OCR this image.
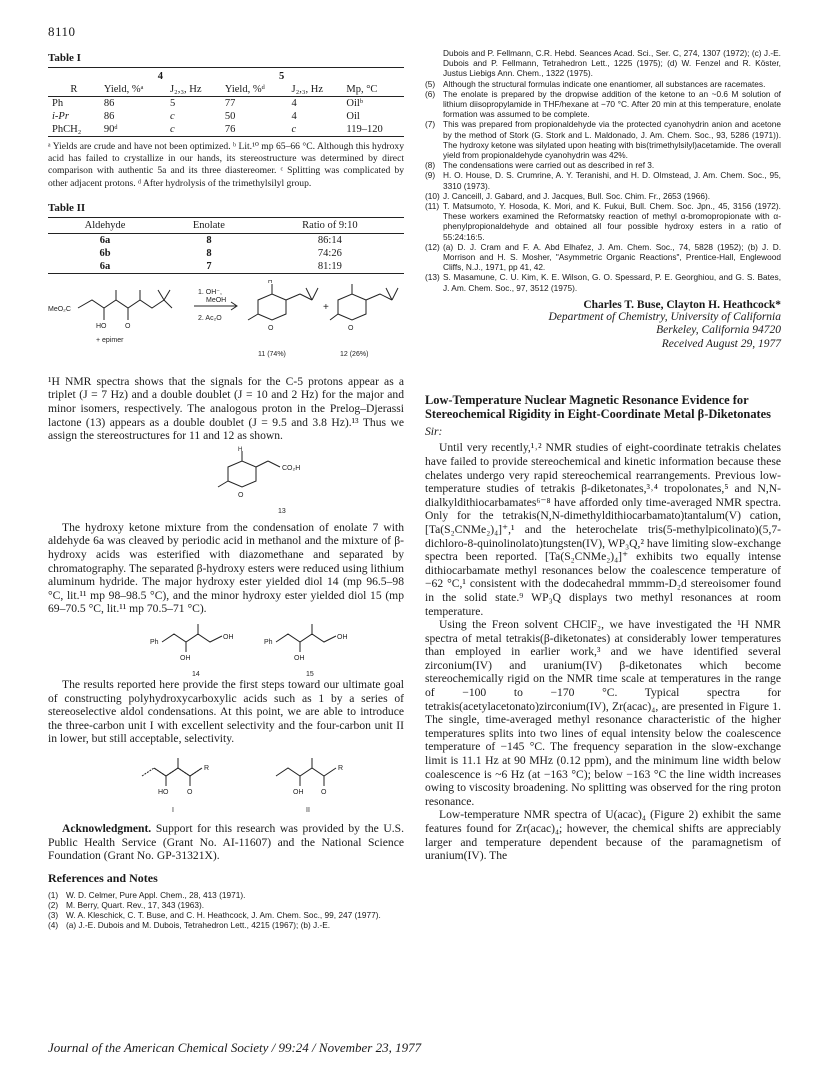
8110
Table I
	4		5		
R	Yield, %ᵃ	J₂,₃, Hz	Yield, %ᵈ	J₂,₃, Hz	Mp, °C
Ph	86	5	77	4	Oilᵇ
i-Pr	86	c	50	4	Oil
PhCH₂	90ᵈ	c	76	c	119–120
ᵃ Yields are crude and have not been optimized. ᵇ Lit.¹⁰ mp 65–66 °C. Although this hydroxy acid has failed to crystallize in our hands, its stereostructure was determined by direct comparison with authentic 5a and its three diastereomer. ᶜ Splitting was complicated by other adjacent protons. ᵈ After hydrolysis of the trimethylsilyl group.
Table II
Aldehyde	Enolate	Ratio of 9:10
6a	8	86:14
6b	8	74:26
6a	7	81:19
MeO₂C
HO	O
+ epimer
1. OH⁻,
MeOH
2. Ac₂O
H
O
+
O
11 (74%)	12 (26%)

¹H NMR spectra shows that the signals for the C-5 protons appear as a triplet (J = 7 Hz) and a double doublet (J = 10 and 2 Hz) for the major and minor isomers, respectively. The analogous proton in the Prelog–Djerassi lactone (13) appears as a double doublet (J = 9.5 and 3.8 Hz).¹³ Thus we assign the stereostructures for 11 and 12 as shown.

H
CO₂H
O
13

The hydroxy ketone mixture from the condensation of enolate 7 with aldehyde 6a was cleaved by periodic acid in methanol and the mixture of β-hydroxy acids was esterified with diazomethane and separated by chromatography. The separated β-hydroxy esters were reduced using lithium aluminum hydride. The major hydroxy ester yielded diol 14 (mp 96.5–98 °C, lit.¹¹ mp 98–98.5 °C), and the minor hydroxy ester yielded diol 15 (mp 69–70.5 °C, lit.¹¹ mp 70.5–71 °C).

Ph
OH
OH
14
Ph
OH
OH
15

The results reported here provide the first steps toward our ultimate goal of constructing polyhydroxycarboxylic acids such as 1 by a series of stereoselective aldol condensations. At this point, we are able to introduce the three-carbon unit I with excellent selectivity and the four-carbon unit II in lower, but still acceptable, selectivity.

HO	O
R
I
OH	O
R
II

Acknowledgment. Support for this research was provided by the U.S. Public Health Service (Grant No. AI-11607) and the National Science Foundation (Grant No. GP-31321X).

References and Notes
(1) W. D. Celmer, Pure Appl. Chem., 28, 413 (1971).
(2) M. Berry, Quart. Rev., 17, 343 (1963).
(3) W. A. Kleschick, C. T. Buse, and C. H. Heathcock, J. Am. Chem. Soc., 99, 247 (1977).
(4) (a) J.-E. Dubois and M. Dubois, Tetrahedron Lett., 4215 (1967); (b) J.-E.
Dubois and P. Fellmann, C.R. Hebd. Seances Acad. Sci., Ser. C, 274, 1307 (1972); (c) J.-E. Dubois and P. Fellmann, Tetrahedron Lett., 1225 (1975); (d) W. Fenzel and R. Köster, Justus Liebigs Ann. Chem., 1322 (1975).
(5) Although the structural formulas indicate one enantiomer, all substances are racemates.
(6) The enolate is prepared by the dropwise addition of the ketone to an ~0.6 M solution of lithium diisopropylamide in THF/hexane at −70 °C. After 20 min at this temperature, enolate formation was assumed to be complete.
(7) This was prepared from propionaldehyde via the protected cyanohydrin anion and acetone by the method of Stork (G. Stork and L. Maldonado, J. Am. Chem. Soc., 93, 5286 (1971)). The hydroxy ketone was silylated upon heating with bis(trimethylsilyl)acetamide. The overall yield from propionaldehyde cyanohydrin was 42%.
(8) The condensations were carried out as described in ref 3.
(9) H. O. House, D. S. Crumrine, A. Y. Teranishi, and H. D. Olmstead, J. Am. Chem. Soc., 95, 3310 (1973).
(10) J. Canceill, J. Gabard, and J. Jacques, Bull. Soc. Chim. Fr., 2653 (1966).
(11) T. Matsumoto, Y. Hosoda, K. Mori, and K. Fukui, Bull. Chem. Soc. Jpn., 45, 3156 (1972). These workers examined the Reformatsky reaction of methyl α-bromopropionate with α-phenylpropionaldehyde and obtained all four possible hydroxy esters in a ratio of 55:24:16:5.
(12) (a) D. J. Cram and F. A. Abd Elhafez, J. Am. Chem. Soc., 74, 5828 (1952); (b) J. D. Morrison and H. S. Mosher, "Asymmetric Organic Reactions", Prentice-Hall, Englewood Cliffs, N.J., 1971, pp 41, 42.
(13) S. Masamune, C. U. Kim, K. E. Wilson, G. O. Spessard, P. E. Georghiou, and G. S. Bates, J. Am. Chem. Soc., 97, 3512 (1975).
Charles T. Buse, Clayton H. Heathcock*
Department of Chemistry, University of California
Berkeley, California 94720
Received August 29, 1977
Low-Temperature Nuclear Magnetic Resonance Evidence for Stereochemical Rigidity in Eight-Coordinate Metal β-Diketonates
Sir:

Until very recently,¹˒² NMR studies of eight-coordinate tetrakis chelates have failed to provide stereochemical and kinetic information because these chelates undergo very rapid stereochemical rearrangements. Previous low-temperature studies of tetrakis β-diketonates,³˒⁴ tropolonates,⁵ and N,N-dialkyldithiocarbamates⁶⁻⁸ have afforded only time-averaged NMR spectra. Only for the tetrakis(N,N-dimethyldithiocarbamato)tantalum(V) cation, [Ta(S₂CNMe₂)₄]⁺,¹ and the heterochelate tris(5-methylpicolinato)(5,7-dichloro-8-quinolinolato)tungsten(IV), WP₃Q,² have limiting slow-exchange spectra been reported. [Ta(S₂CNMe₂)₄]⁺ exhibits two equally intense dithiocarbamate methyl resonances below the coalescence temperature of −62 °C,¹ consistent with the dodecahedral mmmm-D₂d stereoisomer found in the solid state.⁹ WP₃Q displays two methyl resonances at room temperature.

Using the Freon solvent CHClF₂, we have investigated the ¹H NMR spectra of metal tetrakis(β-diketonates) at considerably lower temperatures than employed in earlier work,³ and we have identified several zirconium(IV) and uranium(IV) β-diketonates which become stereochemically rigid on the NMR time scale at temperatures in the range of −100 to −170 °C. Typical spectra for tetrakis(acetylacetonato)zirconium(IV), Zr(acac)₄, are presented in Figure 1. The single, time-averaged methyl resonance characteristic of the higher temperatures splits into two lines of equal intensity below the coalescence temperature of −145 °C. The frequency separation in the slow-exchange limit is 11.1 Hz at 90 MHz (0.12 ppm), and the minimum line width below coalescence is ~6 Hz (at −163 °C); below −163 °C the line width increases owing to viscosity broadening. No splitting was observed for the ring proton resonance.

Low-temperature NMR spectra of U(acac)₄ (Figure 2) exhibit the same features found for Zr(acac)₄; however, the chemical shifts are appreciably larger and temperature dependent because of the paramagnetism of uranium(IV). The

Journal of the American Chemical Society / 99:24 / November 23, 1977
